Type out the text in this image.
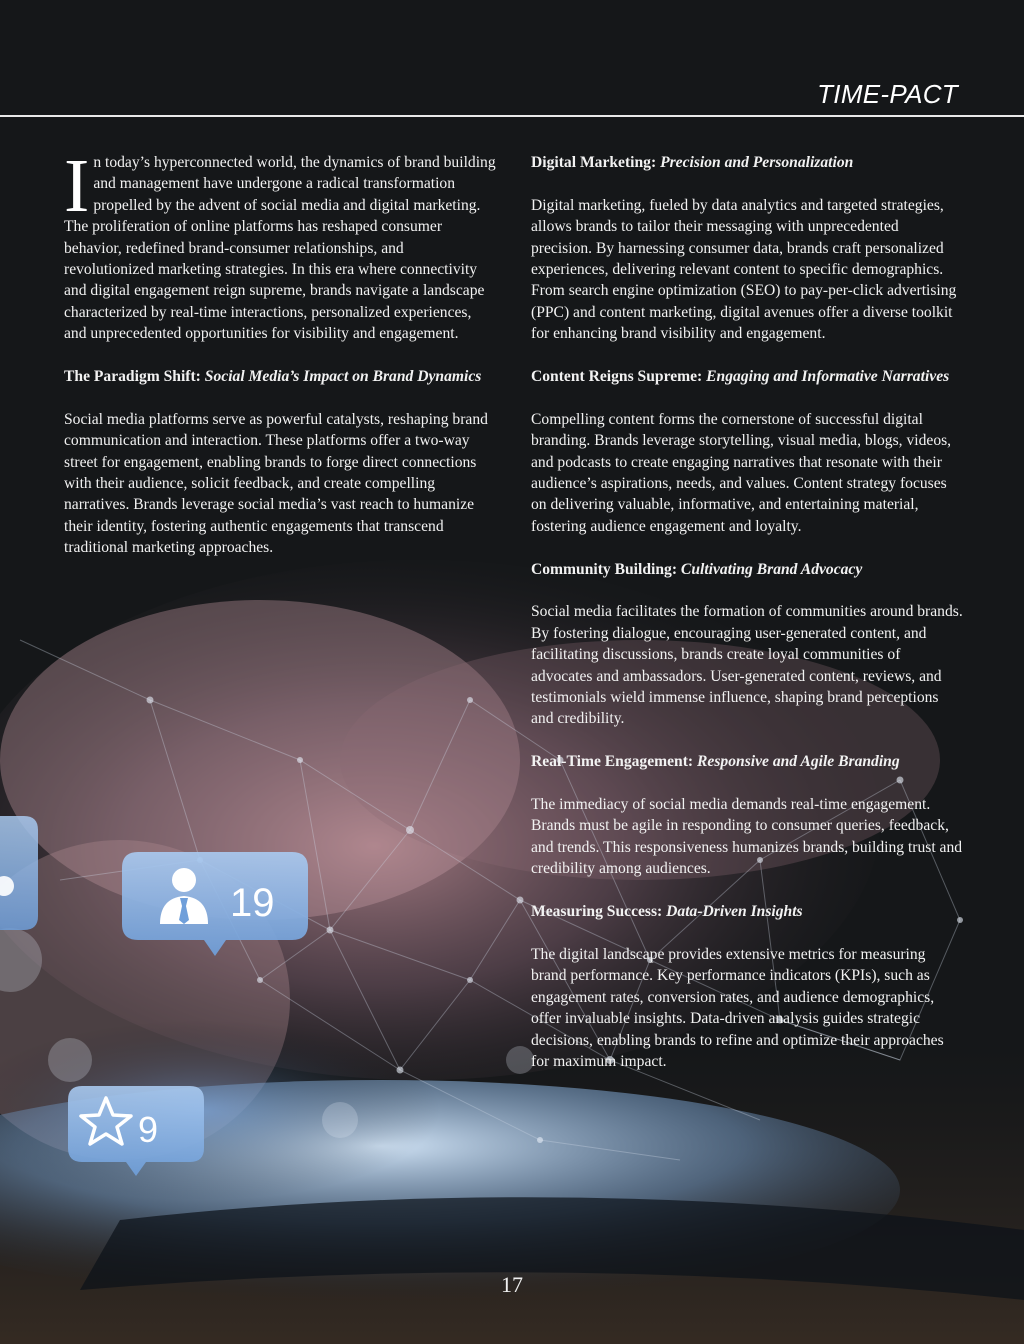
19
9
TIME-PACT

In today’s hyperconnected world, the dynamics of brand building and management have undergone a radical transformation propelled by the advent of social media and digital marketing. The proliferation of online platforms has reshaped consumer behavior, redefined brand-consumer relationships, and revolutionized marketing strategies. In this era where connectivity and digital engagement reign supreme, brands navigate a landscape characterized by real-time interactions, personalized experiences, and unprecedented opportunities for visibility and engagement.

The Paradigm Shift: Social Media’s Impact on Brand Dynamics

Social media platforms serve as powerful catalysts, reshaping brand communication and interaction. These platforms offer a two-way street for engagement, enabling brands to forge direct connections with their audience, solicit feedback, and create compelling narratives. Brands leverage social media’s vast reach to humanize their identity, fostering authentic engagements that transcend traditional marketing approaches.

Digital Marketing: Precision and Personalization

Digital marketing, fueled by data analytics and targeted strategies, allows brands to tailor their messaging with unprecedented precision. By harnessing consumer data, brands craft personalized experiences, delivering relevant content to specific demographics. From search engine optimization (SEO) to pay-per-click advertising (PPC) and content marketing, digital avenues offer a diverse toolkit for enhancing brand visibility and engagement.

Content Reigns Supreme: Engaging and Informative Narratives

Compelling content forms the cornerstone of successful digital branding. Brands leverage storytelling, visual media, blogs, videos, and podcasts to create engaging narratives that resonate with their audience’s aspirations, needs, and values. Content strategy focuses on delivering valuable, informative, and entertaining material, fostering audience engagement and loyalty.

Community Building: Cultivating Brand Advocacy

Social media facilitates the formation of communities around brands. By fostering dialogue, encouraging user-generated content, and facilitating discussions, brands create loyal communities of advocates and ambassadors. User-generated content, reviews, and testimonials wield immense influence, shaping brand perceptions and credibility.

Real-Time Engagement: Responsive and Agile Branding

The immediacy of social media demands real-time engagement. Brands must be agile in responding to consumer queries, feedback, and trends. This responsiveness humanizes brands, building trust and credibility among audiences.

Measuring Success: Data-Driven Insights

The digital landscape provides extensive metrics for measuring brand performance. Key performance indicators (KPIs), such as engagement rates, conversion rates, and audience demographics, offer invaluable insights. Data-driven analysis guides strategic decisions, enabling brands to refine and optimize their approaches for maximum impact.

17
